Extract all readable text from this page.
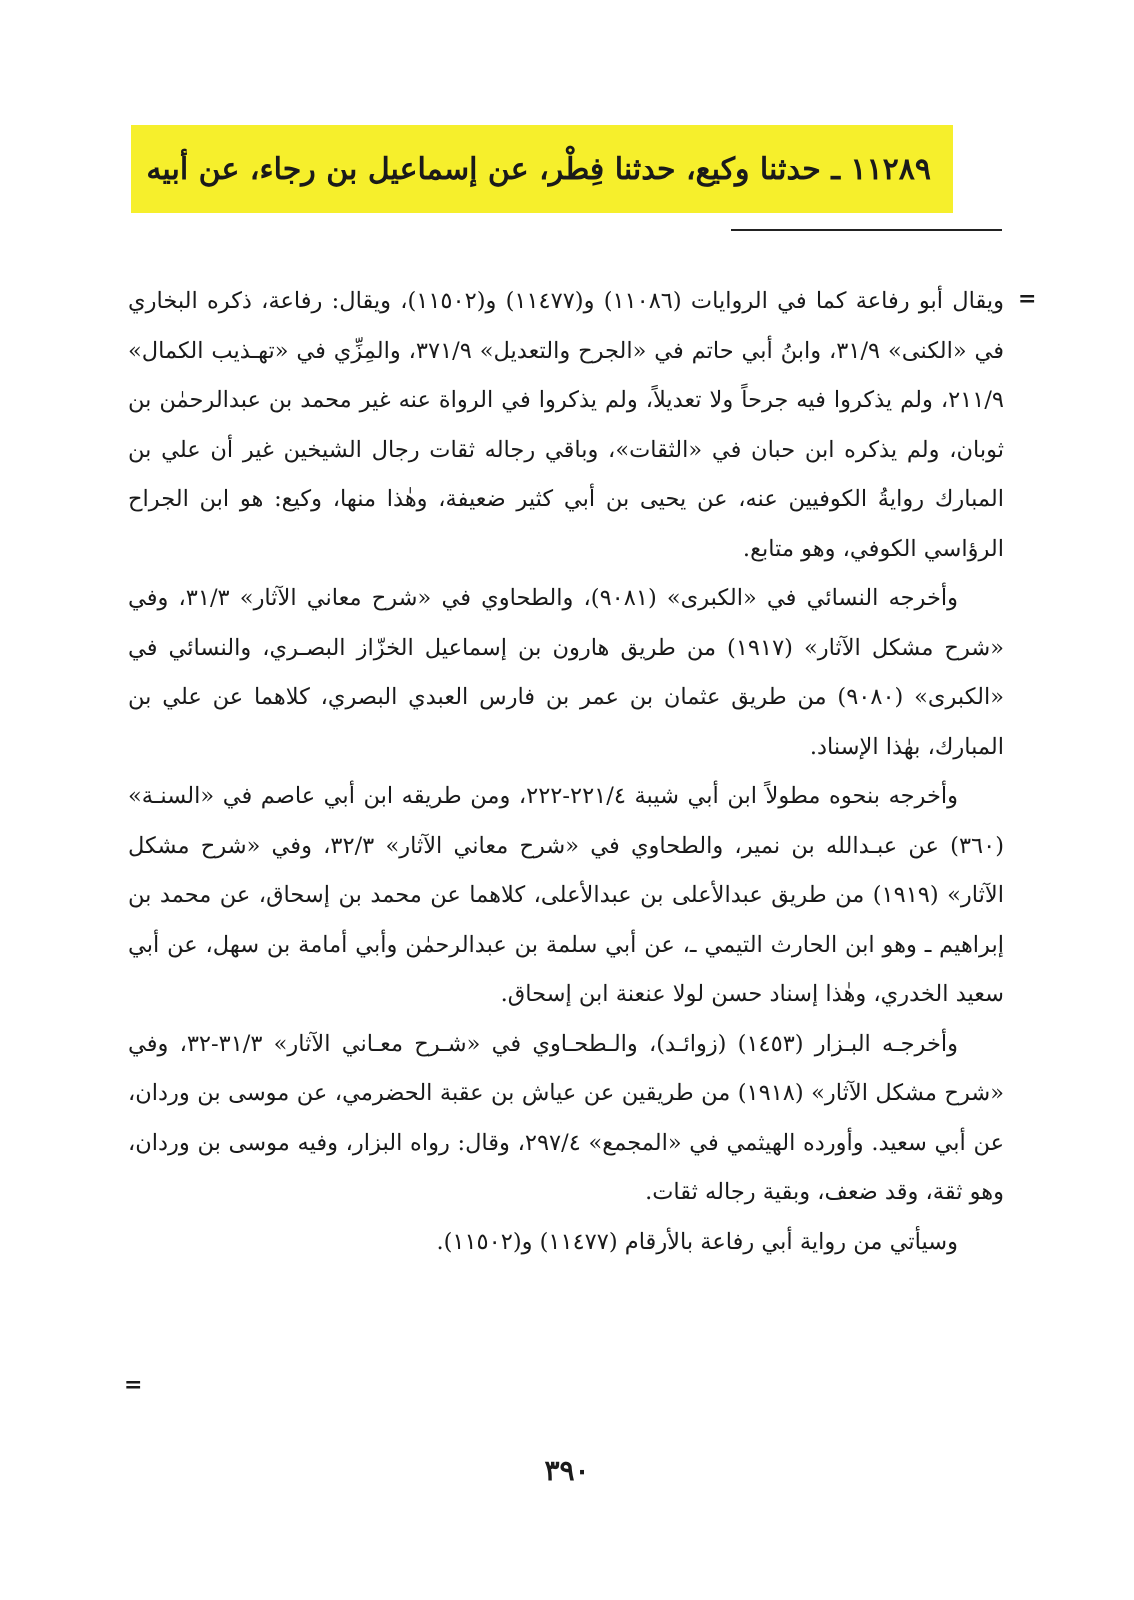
١١٢٨٩ ـ حدثنا وكيع، حدثنا فِطْر، عن إسماعيل بن رجاء، عن أبيه
=

ويقال أبو رفاعة كما في الروايات (١١٠٨٦) و(١١٤٧٧) و(١١٥٠٢)، ويقال: رفاعة، ذكره البخاري في «الكنى» ٣١/٩، وابنُ أبي حاتم في «الجرح والتعديل» ٣٧١/٩، والمِزِّي في «تهـذيب الكمال» ٢١١/٩، ولم يذكروا فيه جرحاً ولا تعديلاً، ولم يذكروا في الرواة عنه غير محمد بن عبدالرحمٰن بن ثوبان، ولم يذكره ابن حبان في «الثقات»، وباقي رجاله ثقات رجال الشيخين غير أن علي بن المبارك روايةُ الكوفيين عنه، عن يحيى بن أبي كثير ضعيفة، وهٰذا منها، وكيع: هو ابن الجراح الرؤاسي الكوفي، وهو متابع.

وأخرجه النسائي في «الكبرى» (٩٠٨١)، والطحاوي في «شرح معاني الآثار» ٣١/٣، وفي «شرح مشكل الآثار» (١٩١٧) من طريق هارون بن إسماعيل الخزّاز البصـري، والنسائي في «الكبرى» (٩٠٨٠) من طريق عثمان بن عمر بن فارس العبدي البصري، كلاهما عن علي بن المبارك، بهٰذا الإسناد.

وأخرجه بنحوه مطولاً ابن أبي شيبة ٢٢١/٤-٢٢٢، ومن طريقه ابن أبي عاصم في «السنـة» (٣٦٠) عن عبـدالله بن نمير، والطحاوي في «شرح معاني الآثار» ٣٢/٣، وفي «شرح مشكل الآثار» (١٩١٩) من طريق عبدالأعلى بن عبدالأعلى، كلاهما عن محمد بن إسحاق، عن محمد بن إبراهيم ـ وهو ابن الحارث التيمي ـ، عن أبي سلمة بن عبدالرحمٰن وأبي أمامة بن سهل، عن أبي سعيد الخدري، وهٰذا إسناد حسن لولا عنعنة ابن إسحاق.

وأخرجـه البـزار (١٤٥٣) (زوائـد)، والـطحـاوي في «شـرح معـاني الآثار» ٣١/٣-٣٢، وفي «شرح مشكل الآثار» (١٩١٨) من طريقين عن عياش بن عقبة الحضرمي، عن موسى بن وردان، عن أبي سعيد. وأورده الهيثمي في «المجمع» ٢٩٧/٤، وقال: رواه البزار، وفيه موسى بن وردان، وهو ثقة، وقد ضعف، وبقية رجاله ثقات.

وسيأتي من رواية أبي رفاعة بالأرقام (١١٤٧٧) و(١١٥٠٢).

=
٣٩٠
